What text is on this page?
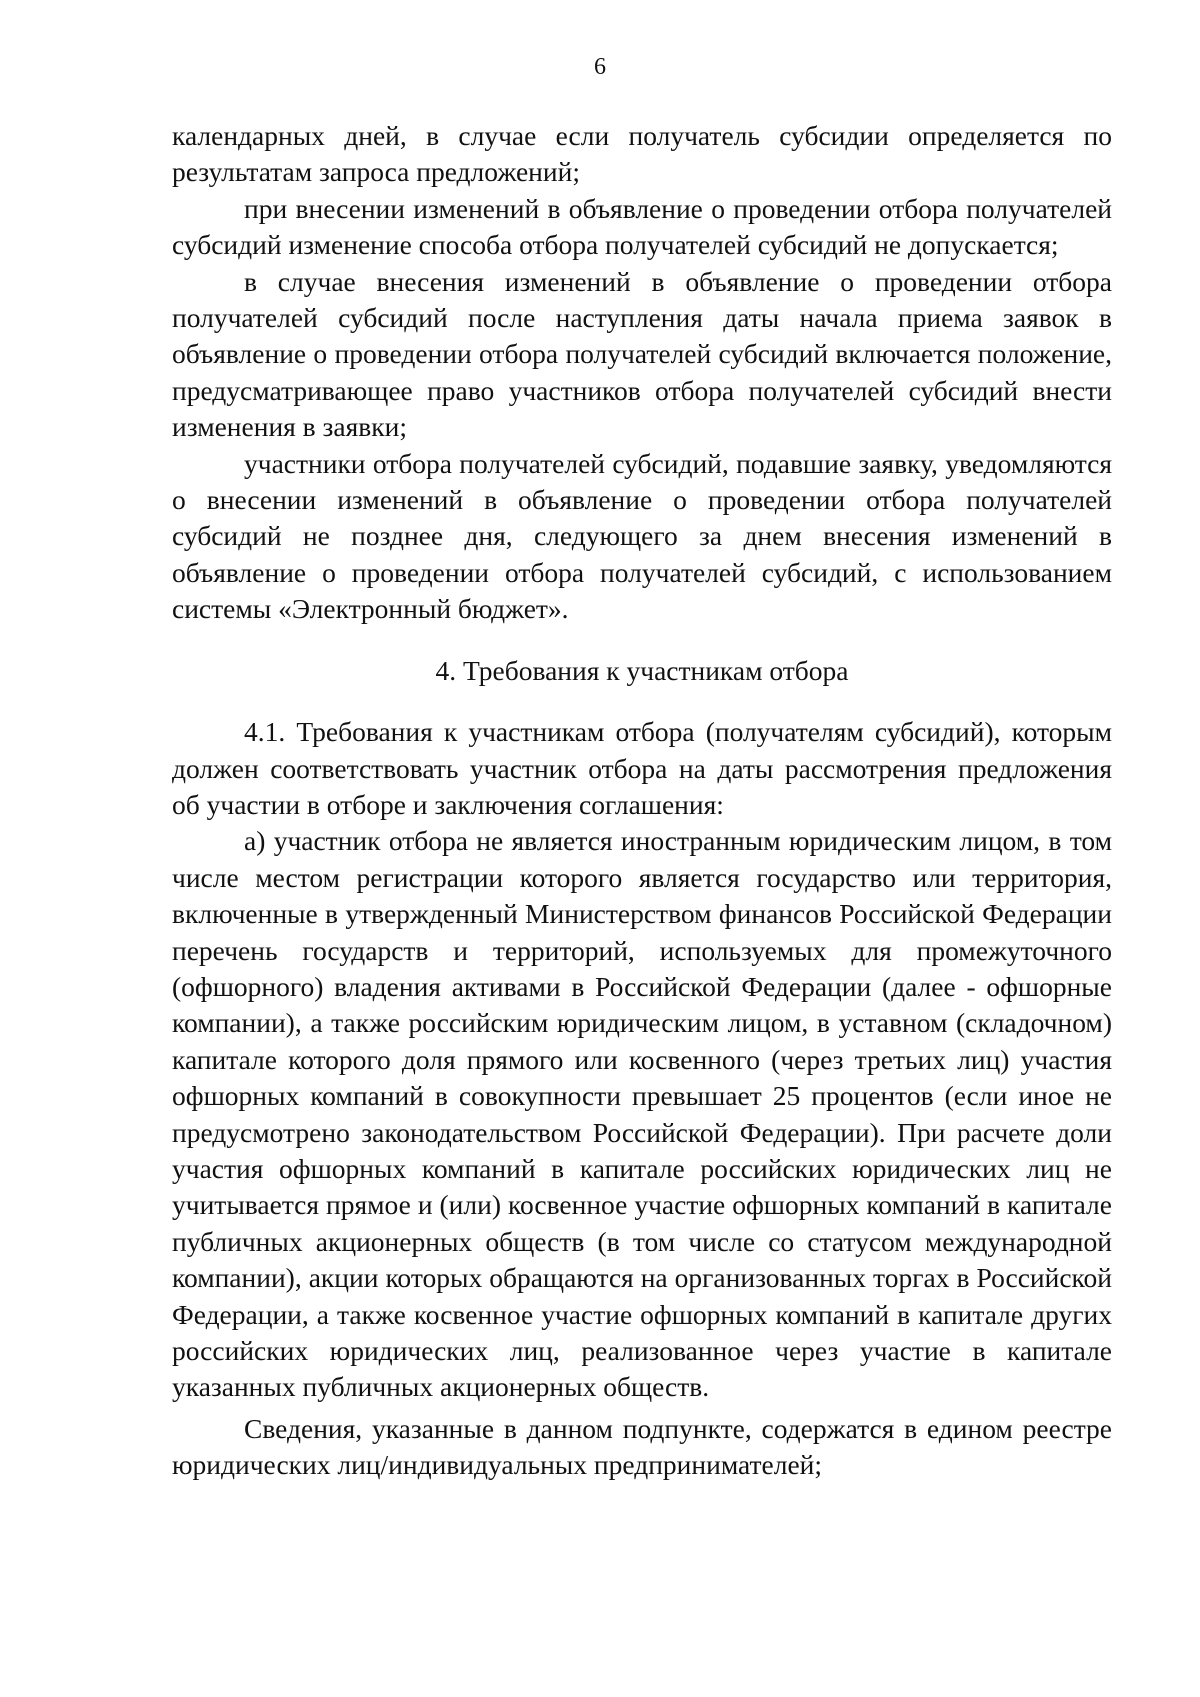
6

календарных дней, в случае если получатель субсидии определяется по результатам запроса предложений;

при внесении изменений в объявление о проведении отбора получателей субсидий изменение способа отбора получателей субсидий не допускается;

в случае внесения изменений в объявление о проведении отбора получателей субсидий после наступления даты начала приема заявок в объявление о проведении отбора получателей субсидий включается положение, предусматривающее право участников отбора получателей субсидий внести изменения в заявки;

участники отбора получателей субсидий, подавшие заявку, уведомляются о внесении изменений в объявление о проведении отбора получателей субсидий не позднее дня, следующего за днем внесения изменений в объявление о проведении отбора получателей субсидий, с использованием системы «Электронный бюджет».

4. Требования к участникам отбора

4.1. Требования к участникам отбора (получателям субсидий), которым должен соответствовать участник отбора на даты рассмотрения предложения об участии в отборе и заключения соглашения:

а) участник отбора не является иностранным юридическим лицом, в том числе местом регистрации которого является государство или территория, включенные в утвержденный Министерством финансов Российской Федерации перечень государств и территорий, используемых для промежуточного (офшорного) владения активами в Российской Федерации (далее - офшорные компании), а также российским юридическим лицом, в уставном (складочном) капитале которого доля прямого или косвенного (через третьих лиц) участия офшорных компаний в совокупности превышает 25 процентов (если иное не предусмотрено законодательством Российской Федерации). При расчете доли участия офшорных компаний в капитале российских юридических лиц не учитывается прямое и (или) косвенное участие офшорных компаний в капитале публичных акционерных обществ (в том числе со статусом международной компании), акции которых обращаются на организованных торгах в Российской Федерации, а также косвенное участие офшорных компаний в капитале других российских юридических лиц, реализованное через участие в капитале указанных публичных акционерных обществ.

Сведения, указанные в данном подпункте, содержатся в едином реестре юридических лиц/индивидуальных предпринимателей;
